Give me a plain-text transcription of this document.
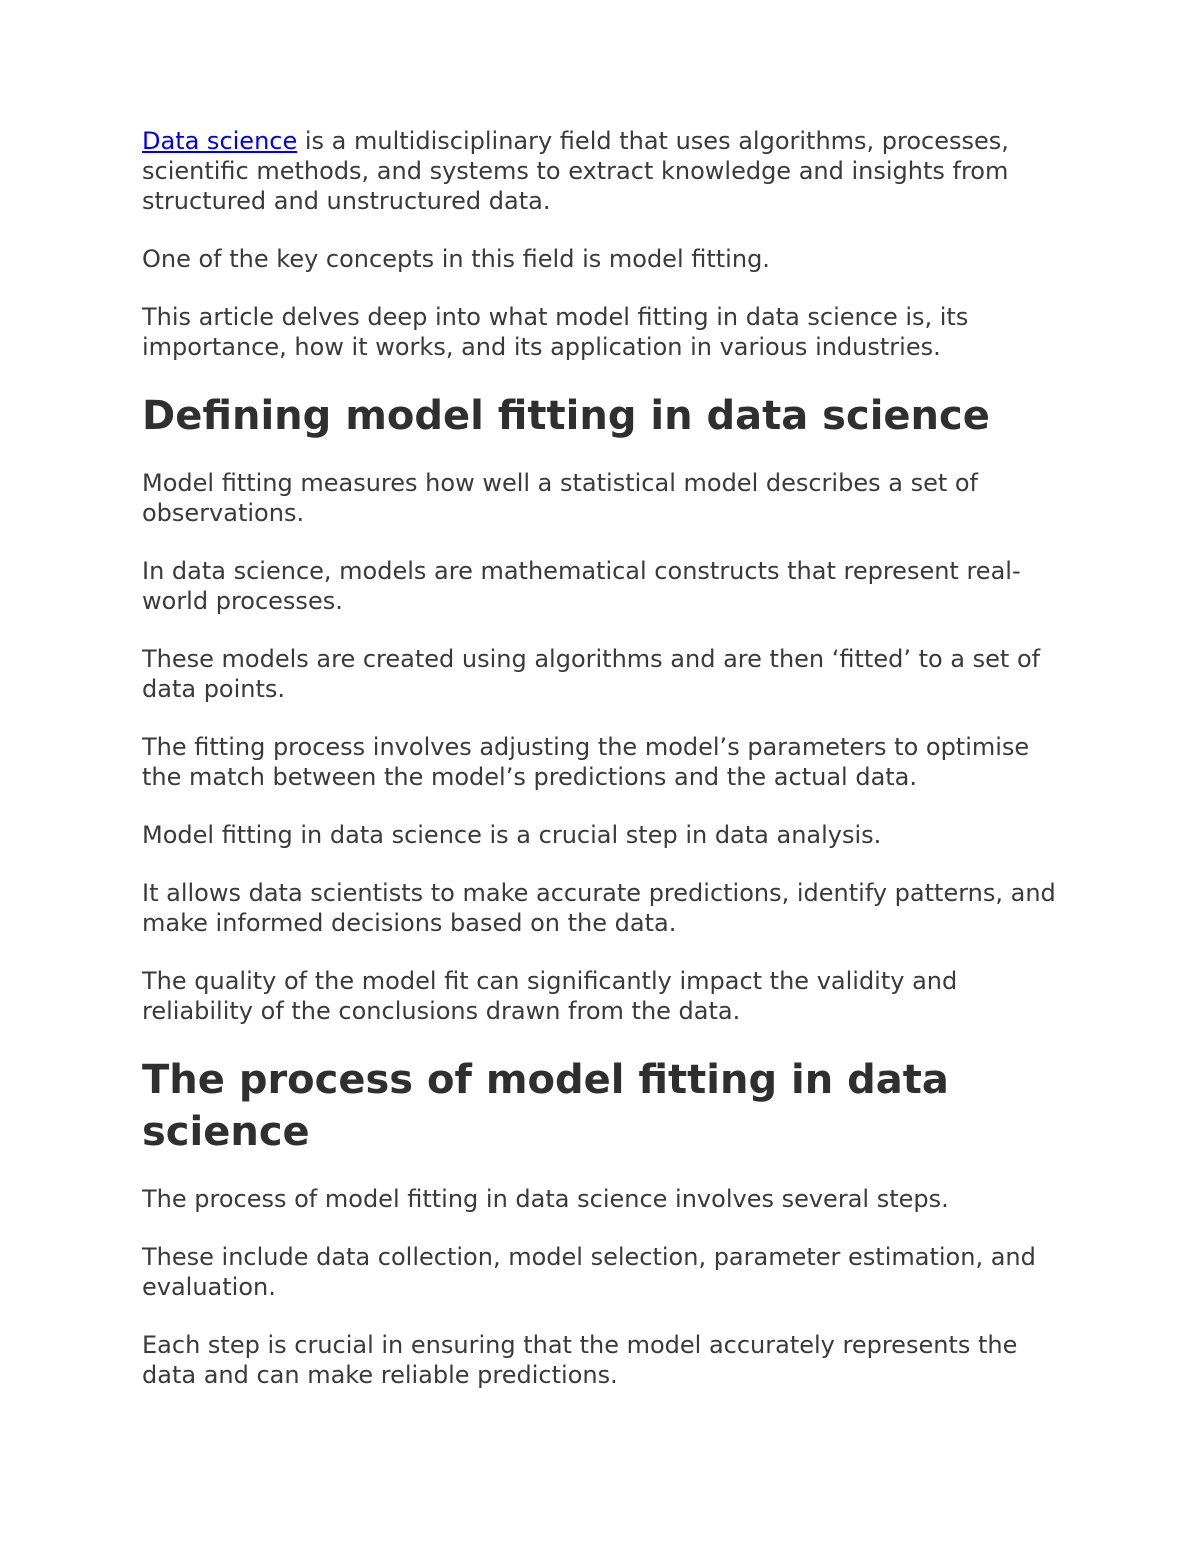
Data science is a multidisciplinary field that uses algorithms, processes, scientific methods, and systems to extract knowledge and insights from structured and unstructured data.

One of the key concepts in this field is model fitting.

This article delves deep into what model fitting in data science is, its importance, how it works, and its application in various industries.

Defining model fitting in data science

Model fitting measures how well a statistical model describes a set of observations.

In data science, models are mathematical constructs that represent real-world processes.

These models are created using algorithms and are then ‘fitted’ to a set of data points.

The fitting process involves adjusting the model’s parameters to optimise the match between the model’s predictions and the actual data.

Model fitting in data science is a crucial step in data analysis.

It allows data scientists to make accurate predictions, identify patterns, and make informed decisions based on the data.

The quality of the model fit can significantly impact the validity and reliability of the conclusions drawn from the data.

The process of model fitting in data science

The process of model fitting in data science involves several steps.

These include data collection, model selection, parameter estimation, and evaluation.

Each step is crucial in ensuring that the model accurately represents the data and can make reliable predictions.
